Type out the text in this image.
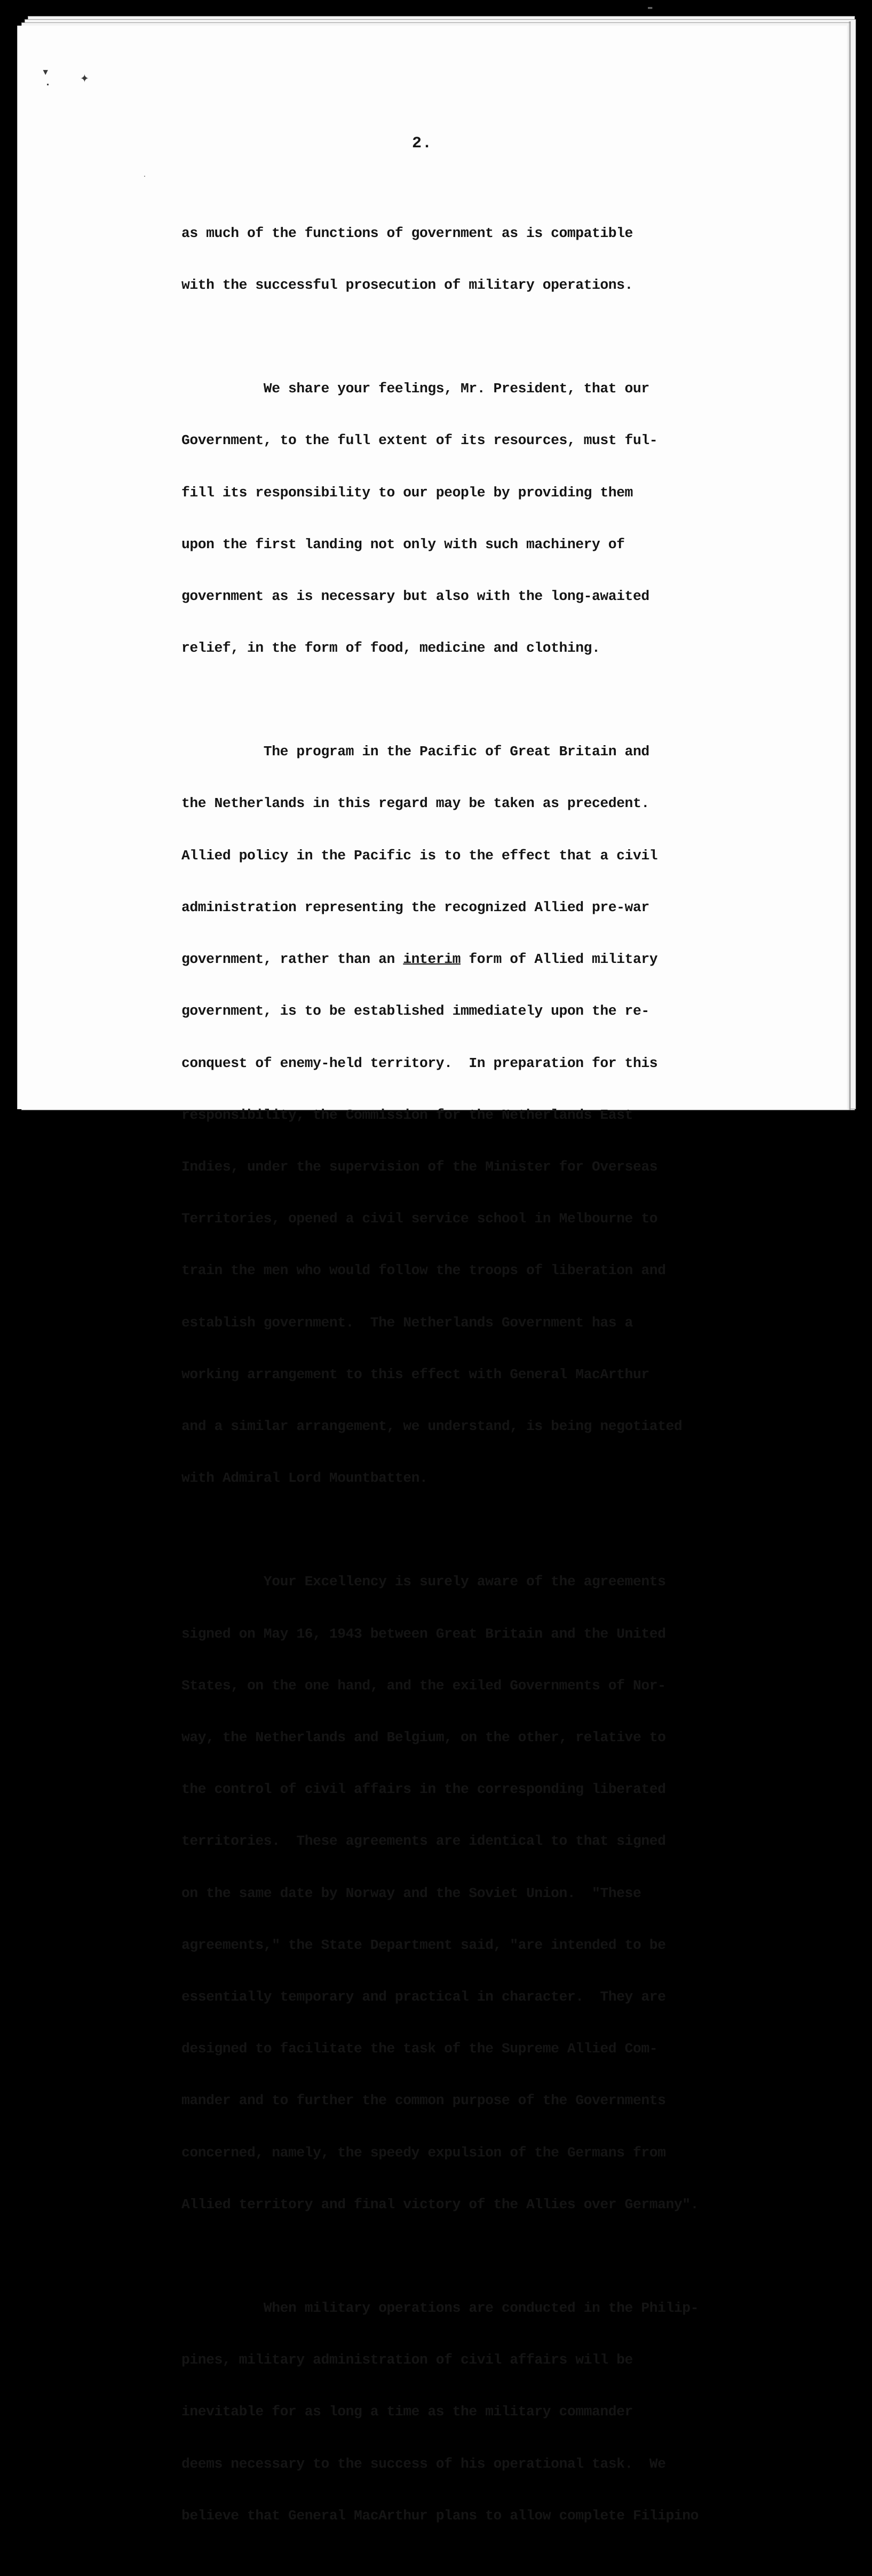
▾ ✦
▪
·
▬
2.

as much of the functions of government as is compatible

with the successful prosecution of military operations.

We share your feelings, Mr. President, that our

Government, to the full extent of its resources, must ful-

fill its responsibility to our people by providing them

upon the first landing not only with such machinery of

government as is necessary but also with the long-awaited

relief, in the form of food, medicine and clothing.

The program in the Pacific of Great Britain and

the Netherlands in this regard may be taken as precedent.

Allied policy in the Pacific is to the effect that a civil

administration representing the recognized Allied pre-war

government, rather than an interim form of Allied military

government, is to be established immediately upon the re-

conquest of enemy-held territory.  In preparation for this

responsibility, the Commission for the Netherlands East

Indies, under the supervision of the Minister for Overseas

Territories, opened a civil service school in Melbourne to

train the men who would follow the troops of liberation and

establish government.  The Netherlands Government has a

working arrangement to this effect with General MacArthur

and a similar arrangement, we understand, is being negotiated

with Admiral Lord Mountbatten.

Your Excellency is surely aware of the agreements

signed on May 16, 1943 between Great Britain and the United

States, on the one hand, and the exiled Governments of Nor-

way, the Netherlands and Belgium, on the other, relative to

the control of civil affairs in the corresponding liberated

territories.  These agreements are identical to that signed

on the same date by Norway and the Soviet Union.  "These

agreements," the State Department said, "are intended to be

essentially temporary and practical in character.  They are

designed to facilitate the task of the Supreme Allied Com-

mander and to further the common purpose of the Governments

concerned, namely, the speedy expulsion of the Germans from

Allied territory and final victory of the Allies over Germany".

When military operations are conducted in the Philip-

pines, military administration of civil affairs will be

inevitable for as long a time as the military commander

deems necessary to the success of his operational task.  We

believe that General MacArthur plans to allow complete Filipino
